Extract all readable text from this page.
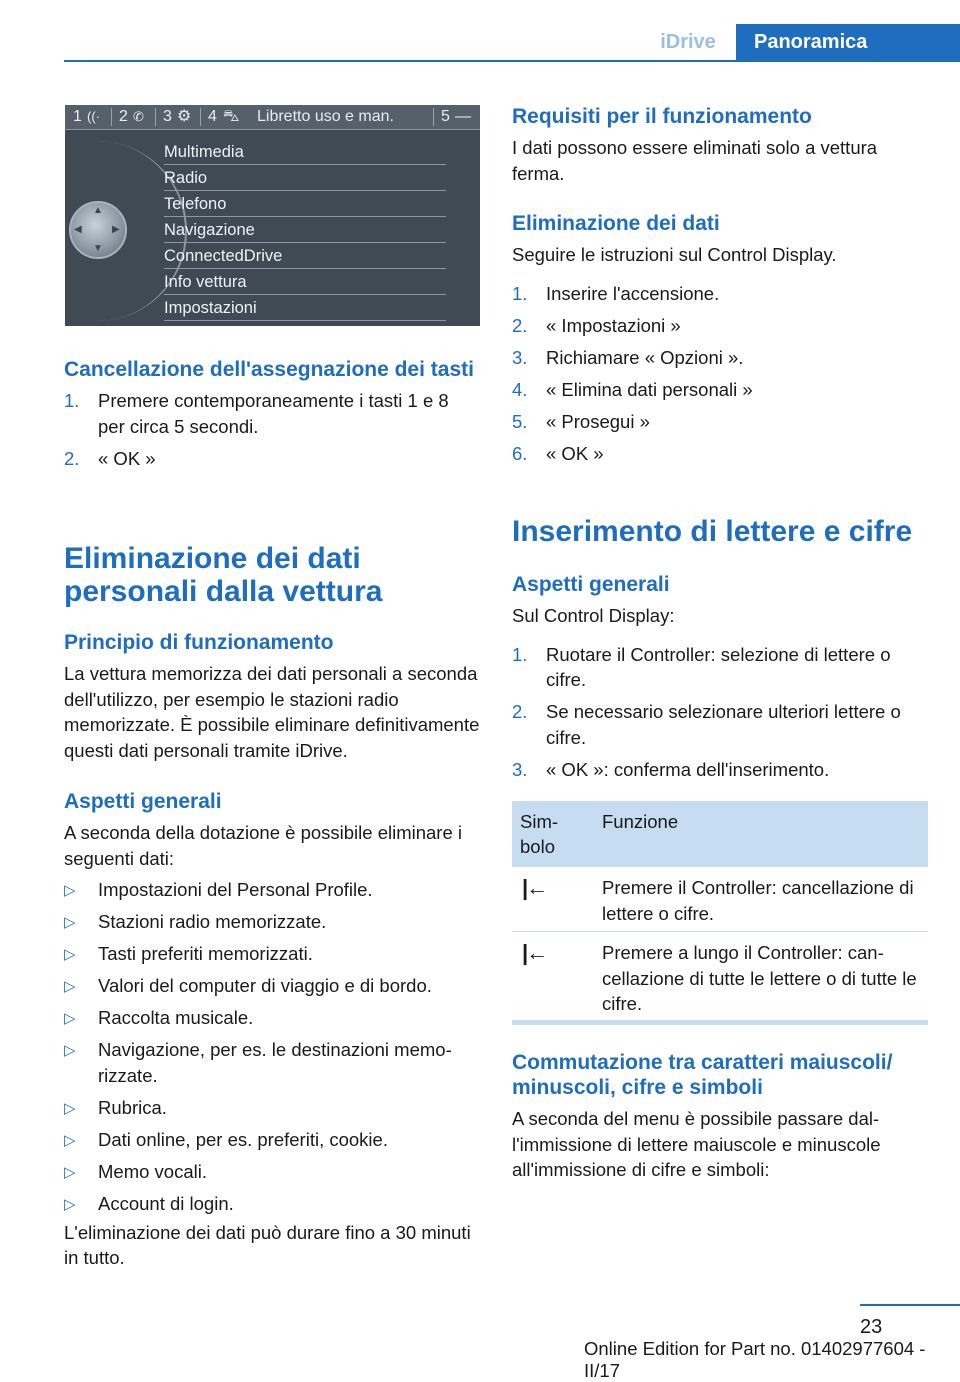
iDrive	Panoramica
1 ((· 2 ✆ 3 ⚙ 4 ⛍ Libretto uso e man.	5 —
▲
▼
◀	▶
Multimedia
Radio
Telefono
Navigazione
ConnectedDrive
Info vettura
Impostazioni

Cancellazione dell'assegnazione dei tasti

1. Premere contemporaneamente i tasti 1 e 8 per circa 5 secondi.
2. « OK »

Eliminazione dei dati personali dalla vettura

Principio di funzionamento

La vettura memorizza dei dati personali a seconda dell'utilizzo, per esempio le stazioni radio memorizzate. È possibile eliminare definitivamente questi dati personali tramite iDrive.

Aspetti generali

A seconda della dotazione è possibile eliminare i seguenti dati:

▷ Impostazioni del Personal Profile.
▷ Stazioni radio memorizzate.
▷ Tasti preferiti memorizzati.
▷ Valori del computer di viaggio e di bordo.
▷ Raccolta musicale.
▷ Navigazione, per es. le destinazioni memorizzate.
▷ Rubrica.
▷ Dati online, per es. preferiti, cookie.
▷ Memo vocali.
▷ Account di login.

L'eliminazione dei dati può durare fino a 30 minuti in tutto.

Requisiti per il funzionamento

I dati possono essere eliminati solo a vettura ferma.

Eliminazione dei dati

Seguire le istruzioni sul Control Display.

1. Inserire l'accensione.
2. « Impostazioni »
3. Richiamare « Opzioni ».
4. « Elimina dati personali »
5. « Prosegui »
6. « OK »

Inserimento di lettere e cifre

Aspetti generali

Sul Control Display:

1. Ruotare il Controller: selezione di lettere o cifre.
2. Se necessario selezionare ulteriori lettere o cifre.
3. « OK »: conferma dell'inserimento.
Simbolo
Funzione
|←	Premere il Controller: cancellazione di lettere o cifre.
|←	Premere a lungo il Controller: cancellazione di tutte le lettere o di tutte le cifre.

Commutazione tra caratteri maiuscoli/ minuscoli, cifre e simboli

A seconda del menu è possibile passare dall'immissione di lettere maiuscole e minuscole all'immissione di cifre e simboli:

23
Online Edition for Part no. 01402977604 - II/17
